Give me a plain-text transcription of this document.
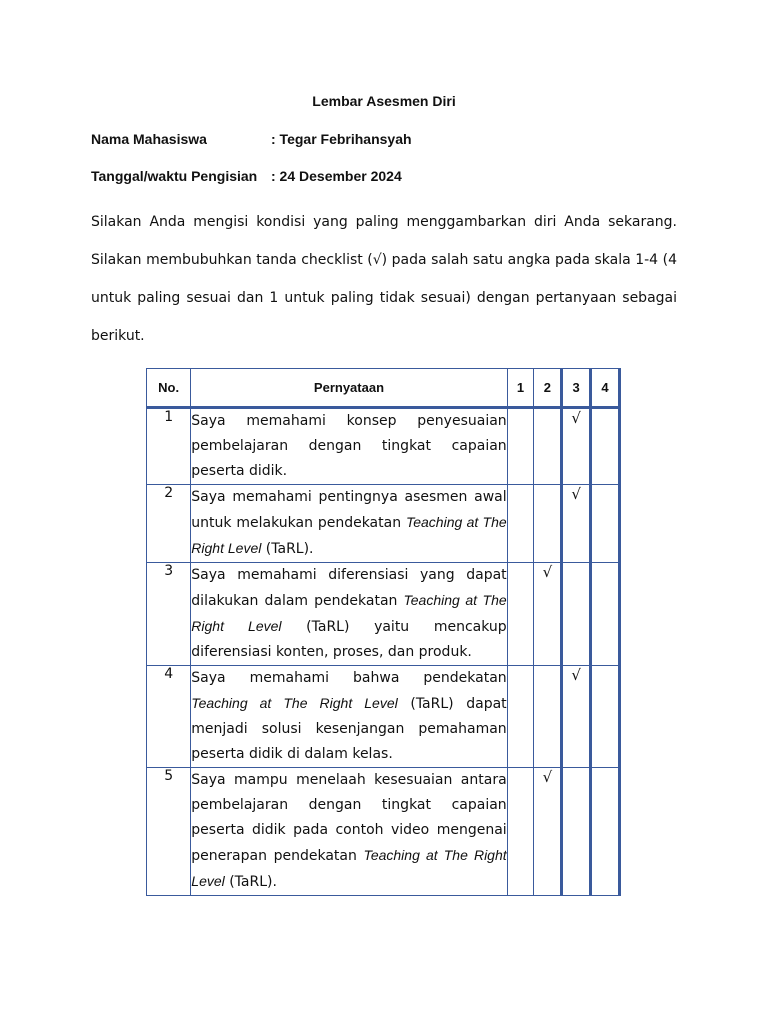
Lembar Asesmen Diri
Nama Mahasiswa	: Tegar Febrihansyah
Tanggal/waktu Pengisian : 24 Desember 2024
Silakan Anda mengisi kondisi yang paling menggambarkan diri Anda sekarang. Silakan membubuhkan tanda checklist (√) pada salah satu angka pada skala 1-4 (4 untuk paling sesuai dan 1 untuk paling tidak sesuai) dengan pertanyaan sebagai berikut.
No.	Pernyataan	1	2	3	4
1	Saya memahami konsep penyesuaian pembelajaran dengan tingkat capaian peserta didik.			√	
2	Saya memahami pentingnya asesmen awal untuk melakukan pendekatan Teaching at The Right Level (TaRL).			√	
3	Saya memahami diferensiasi yang dapat dilakukan dalam pendekatan Teaching at The Right Level (TaRL) yaitu mencakup diferensiasi konten, proses, dan produk.		√		
4	Saya memahami bahwa pendekatan Teaching at The Right Level (TaRL) dapat menjadi solusi kesenjangan pemahaman peserta didik di dalam kelas.			√	
5	Saya mampu menelaah kesesuaian antara pembelajaran dengan tingkat capaian peserta didik pada contoh video mengenai penerapan pendekatan Teaching at The Right Level (TaRL).		√		
